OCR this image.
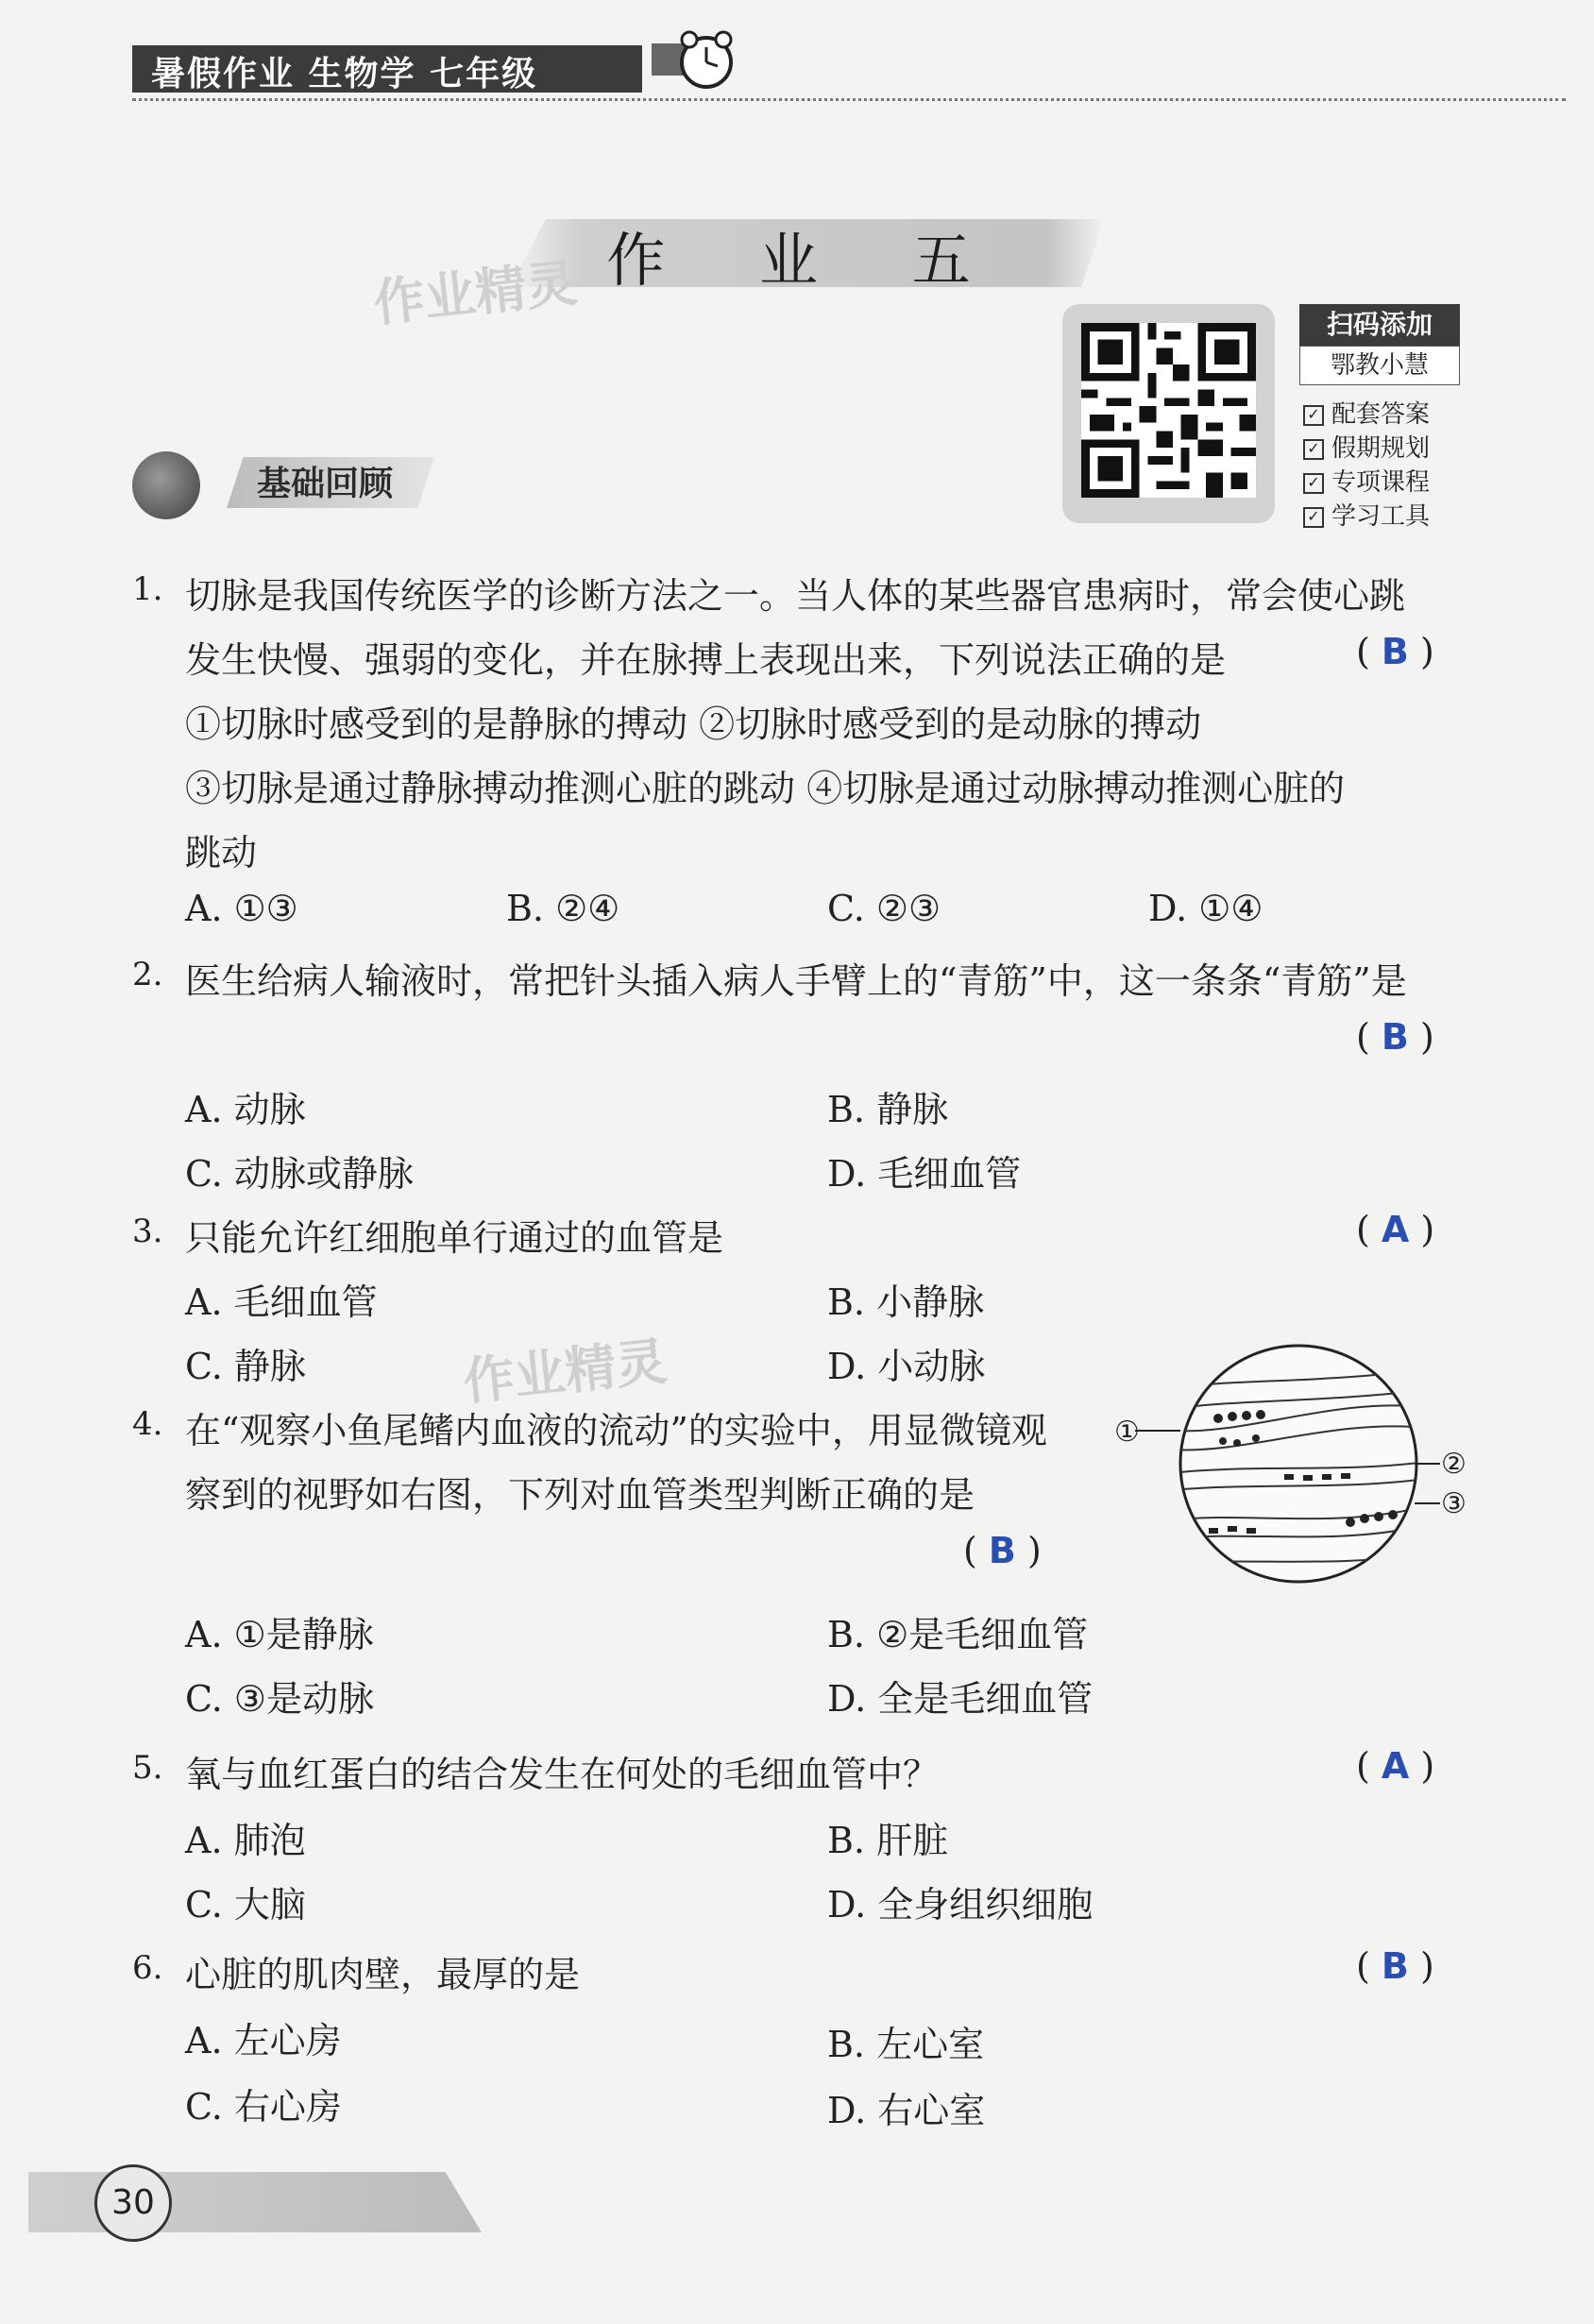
暑假作业 生物学 七年级
作 业 五
作业精灵	扫码添加
鄂教小慧
✓ 配套答案
✓ 假期规划
✓ 专项课程
✓ 学习工具
基础回顾
1. 切脉是我国传统医学的诊断方法之一。当人体的某些器官患病时，常会使心跳
发生快慢、强弱的变化，并在脉搏上表现出来，下列说法正确的是	( B )
①切脉时感受到的是静脉的搏动 ②切脉时感受到的是动脉的搏动
③切脉是通过静脉搏动推测心脏的跳动 ④切脉是通过动脉搏动推测心脏的
跳动
A. ①③	B. ②④	C. ②③	D. ①④
2. 医生给病人输液时，常把针头插入病人手臂上的“青筋”中，这一条条“青筋”是
( B )
A. 动脉	B. 静脉
C. 动脉或静脉	D. 毛细血管
3. 只能允许红细胞单行通过的血管是	( A )
A. 毛细血管	B. 小静脉
C. 静脉	D. 小动脉
作业精灵
4. 在“观察小鱼尾鳍内血液的流动”的实验中，用显微镜观
察到的视野如右图，下列对血管类型判断正确的是
( B )
①
②
③
A. ①是静脉	B. ②是毛细血管
C. ③是动脉	D. 全是毛细血管
5. 氧与血红蛋白的结合发生在何处的毛细血管中？	( A )
A. 肺泡	B. 肝脏
C. 大脑	D. 全身组织细胞
6. 心脏的肌肉壁，最厚的是	( B )
A. 左心房	B. 左心室
C. 右心房	D. 右心室
30
